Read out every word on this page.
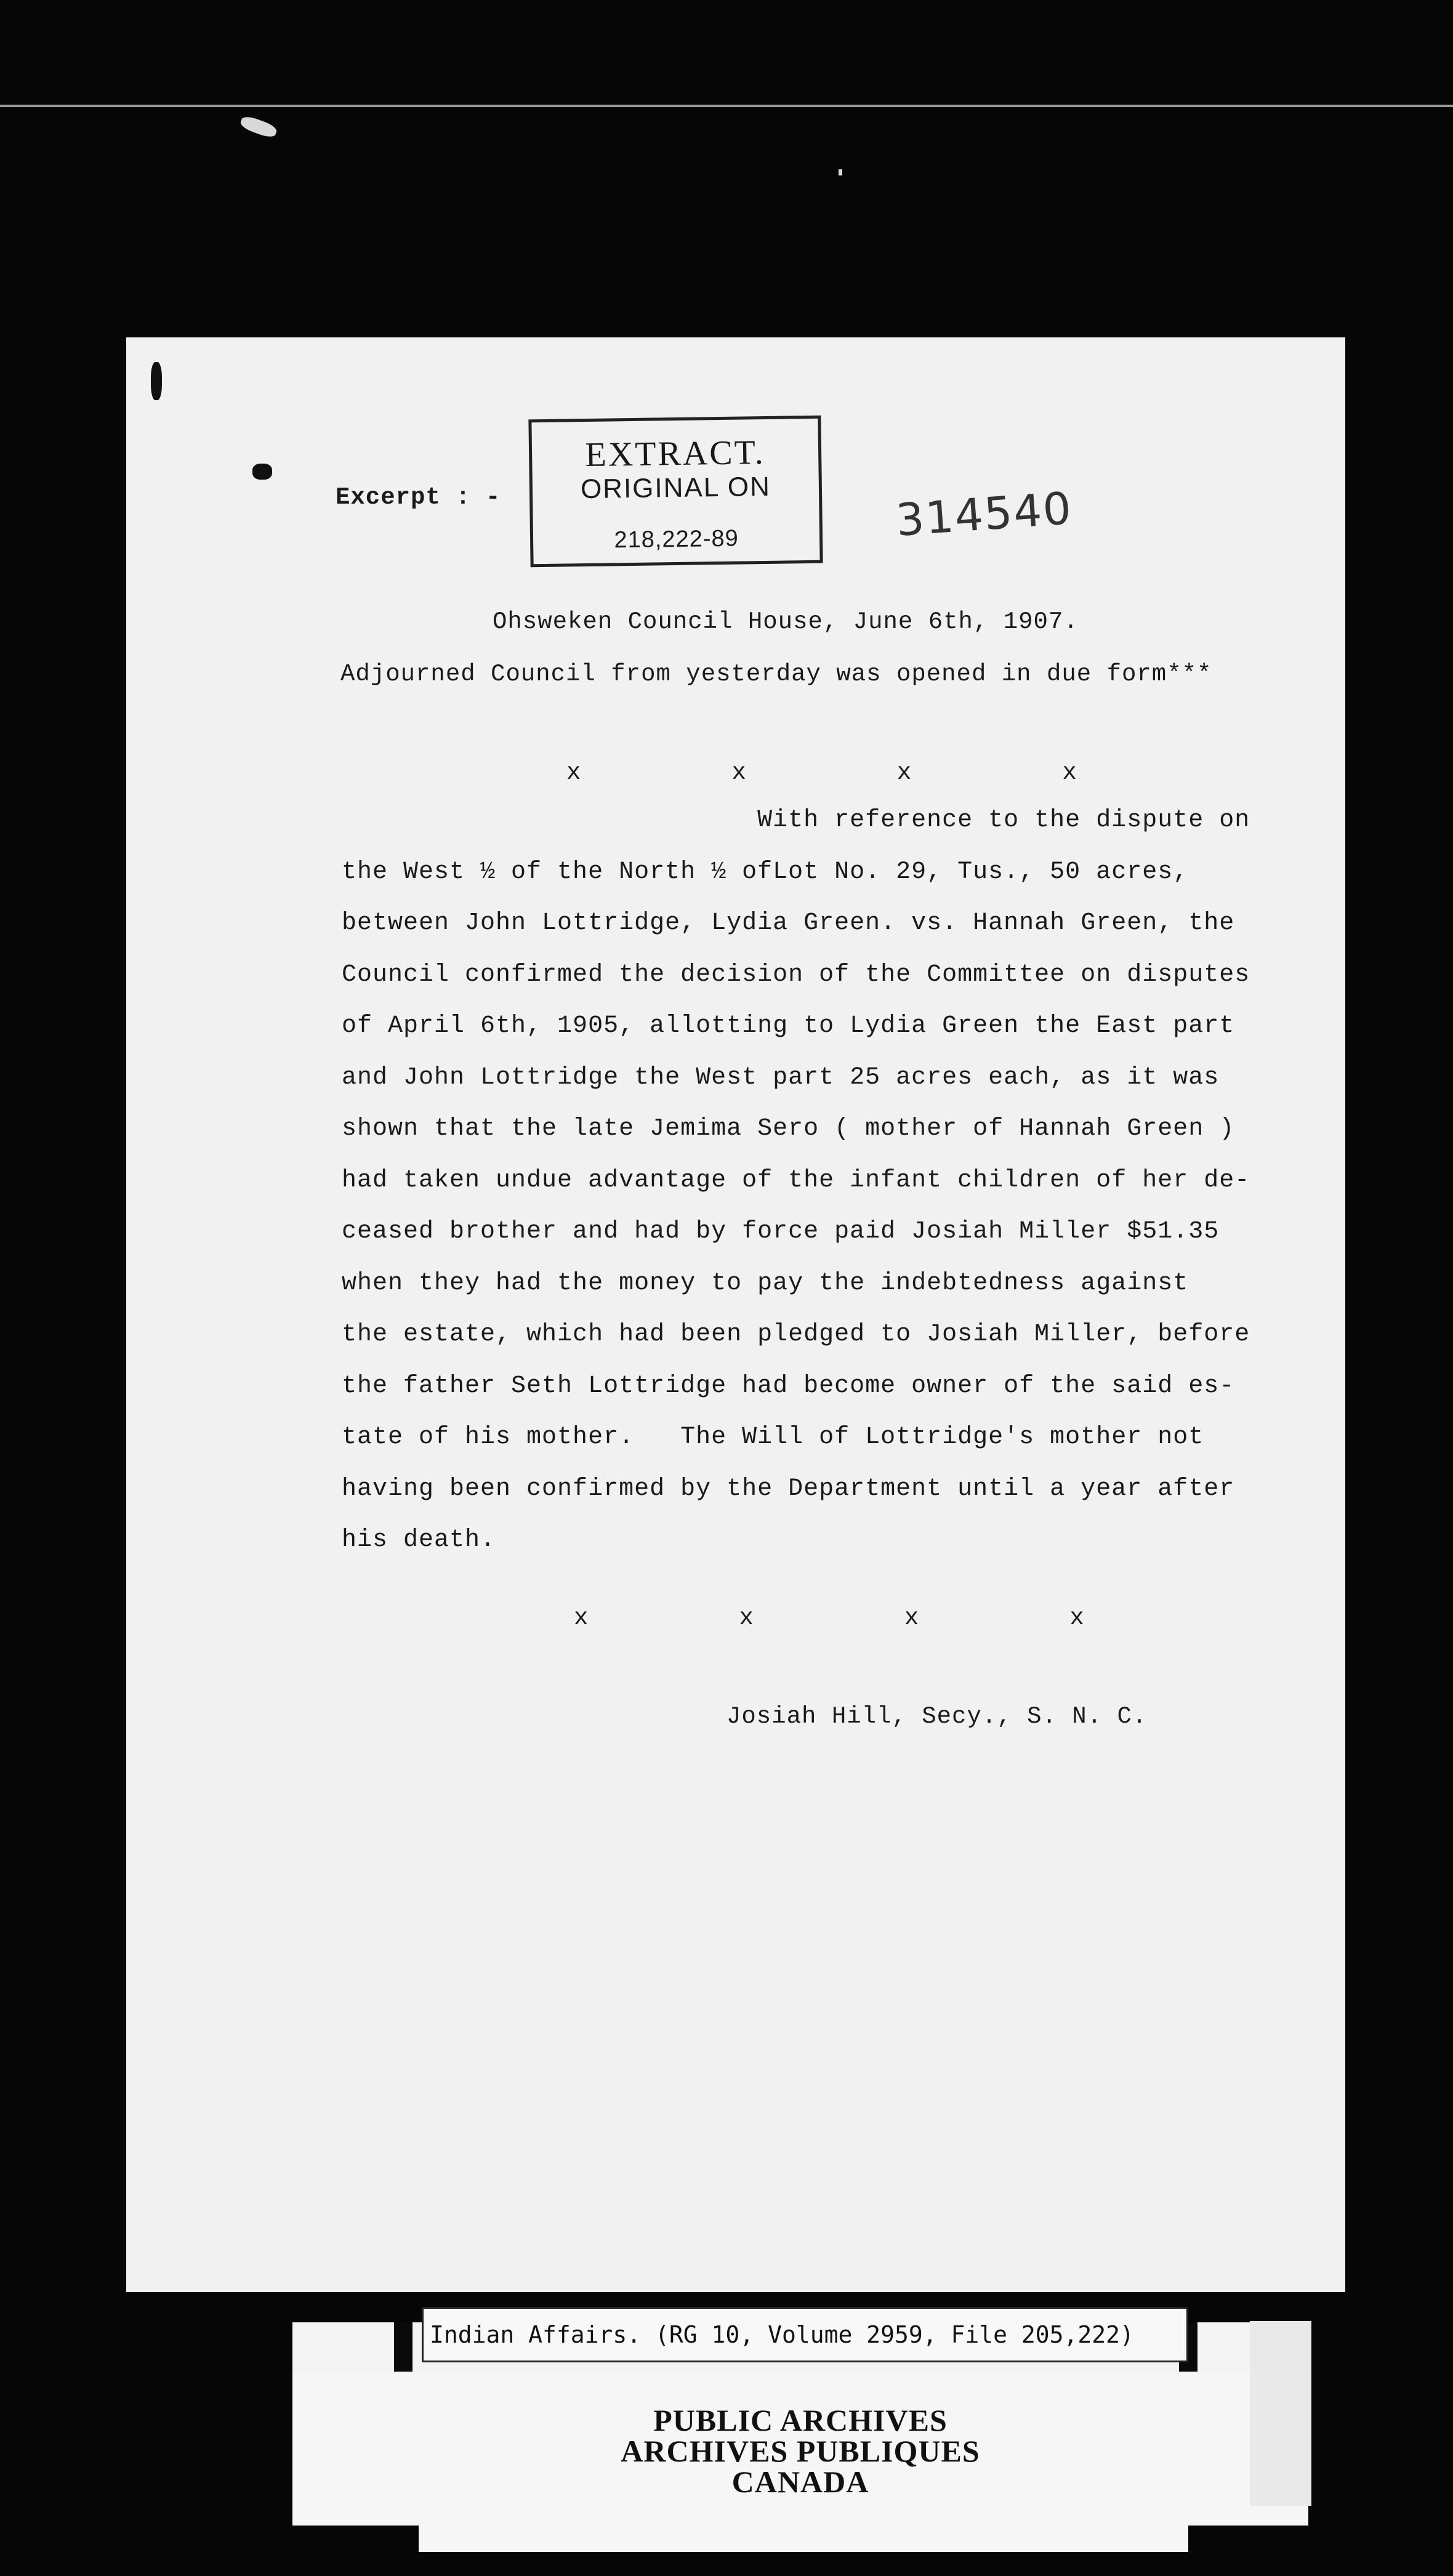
Excerpt : -
EXTRACT.
ORIGINAL ON
218,222-89	314540
Ohsweken Council House, June 6th, 1907.
Adjourned Council from yesterday was opened in due form***
x          x          x          x
With reference to the dispute on
the West ½ of the North ½ ofLot No. 29, Tus., 50 acres,
between John Lottridge, Lydia Green. vs. Hannah Green, the
Council confirmed the decision of the Committee on disputes
of April 6th, 1905, allotting to Lydia Green the East part
and John Lottridge the West part 25 acres each, as it was
shown that the late Jemima Sero ( mother of Hannah Green )
had taken undue advantage of the infant children of her de-
ceased brother and had by force paid Josiah Miller $51.35
when they had the money to pay the indebtedness against
the estate, which had been pledged to Josiah Miller, before
the father Seth Lottridge had become owner of the said es-
tate of his mother.   The Will of Lottridge's mother not
having been confirmed by the Department until a year after
his death.
x          x          x          x
Josiah Hill, Secy., S. N. C.
Indian Affairs. (RG 10, Volume 2959, File 205,222)
PUBLIC ARCHIVES
ARCHIVES PUBLIQUES
CANADA
